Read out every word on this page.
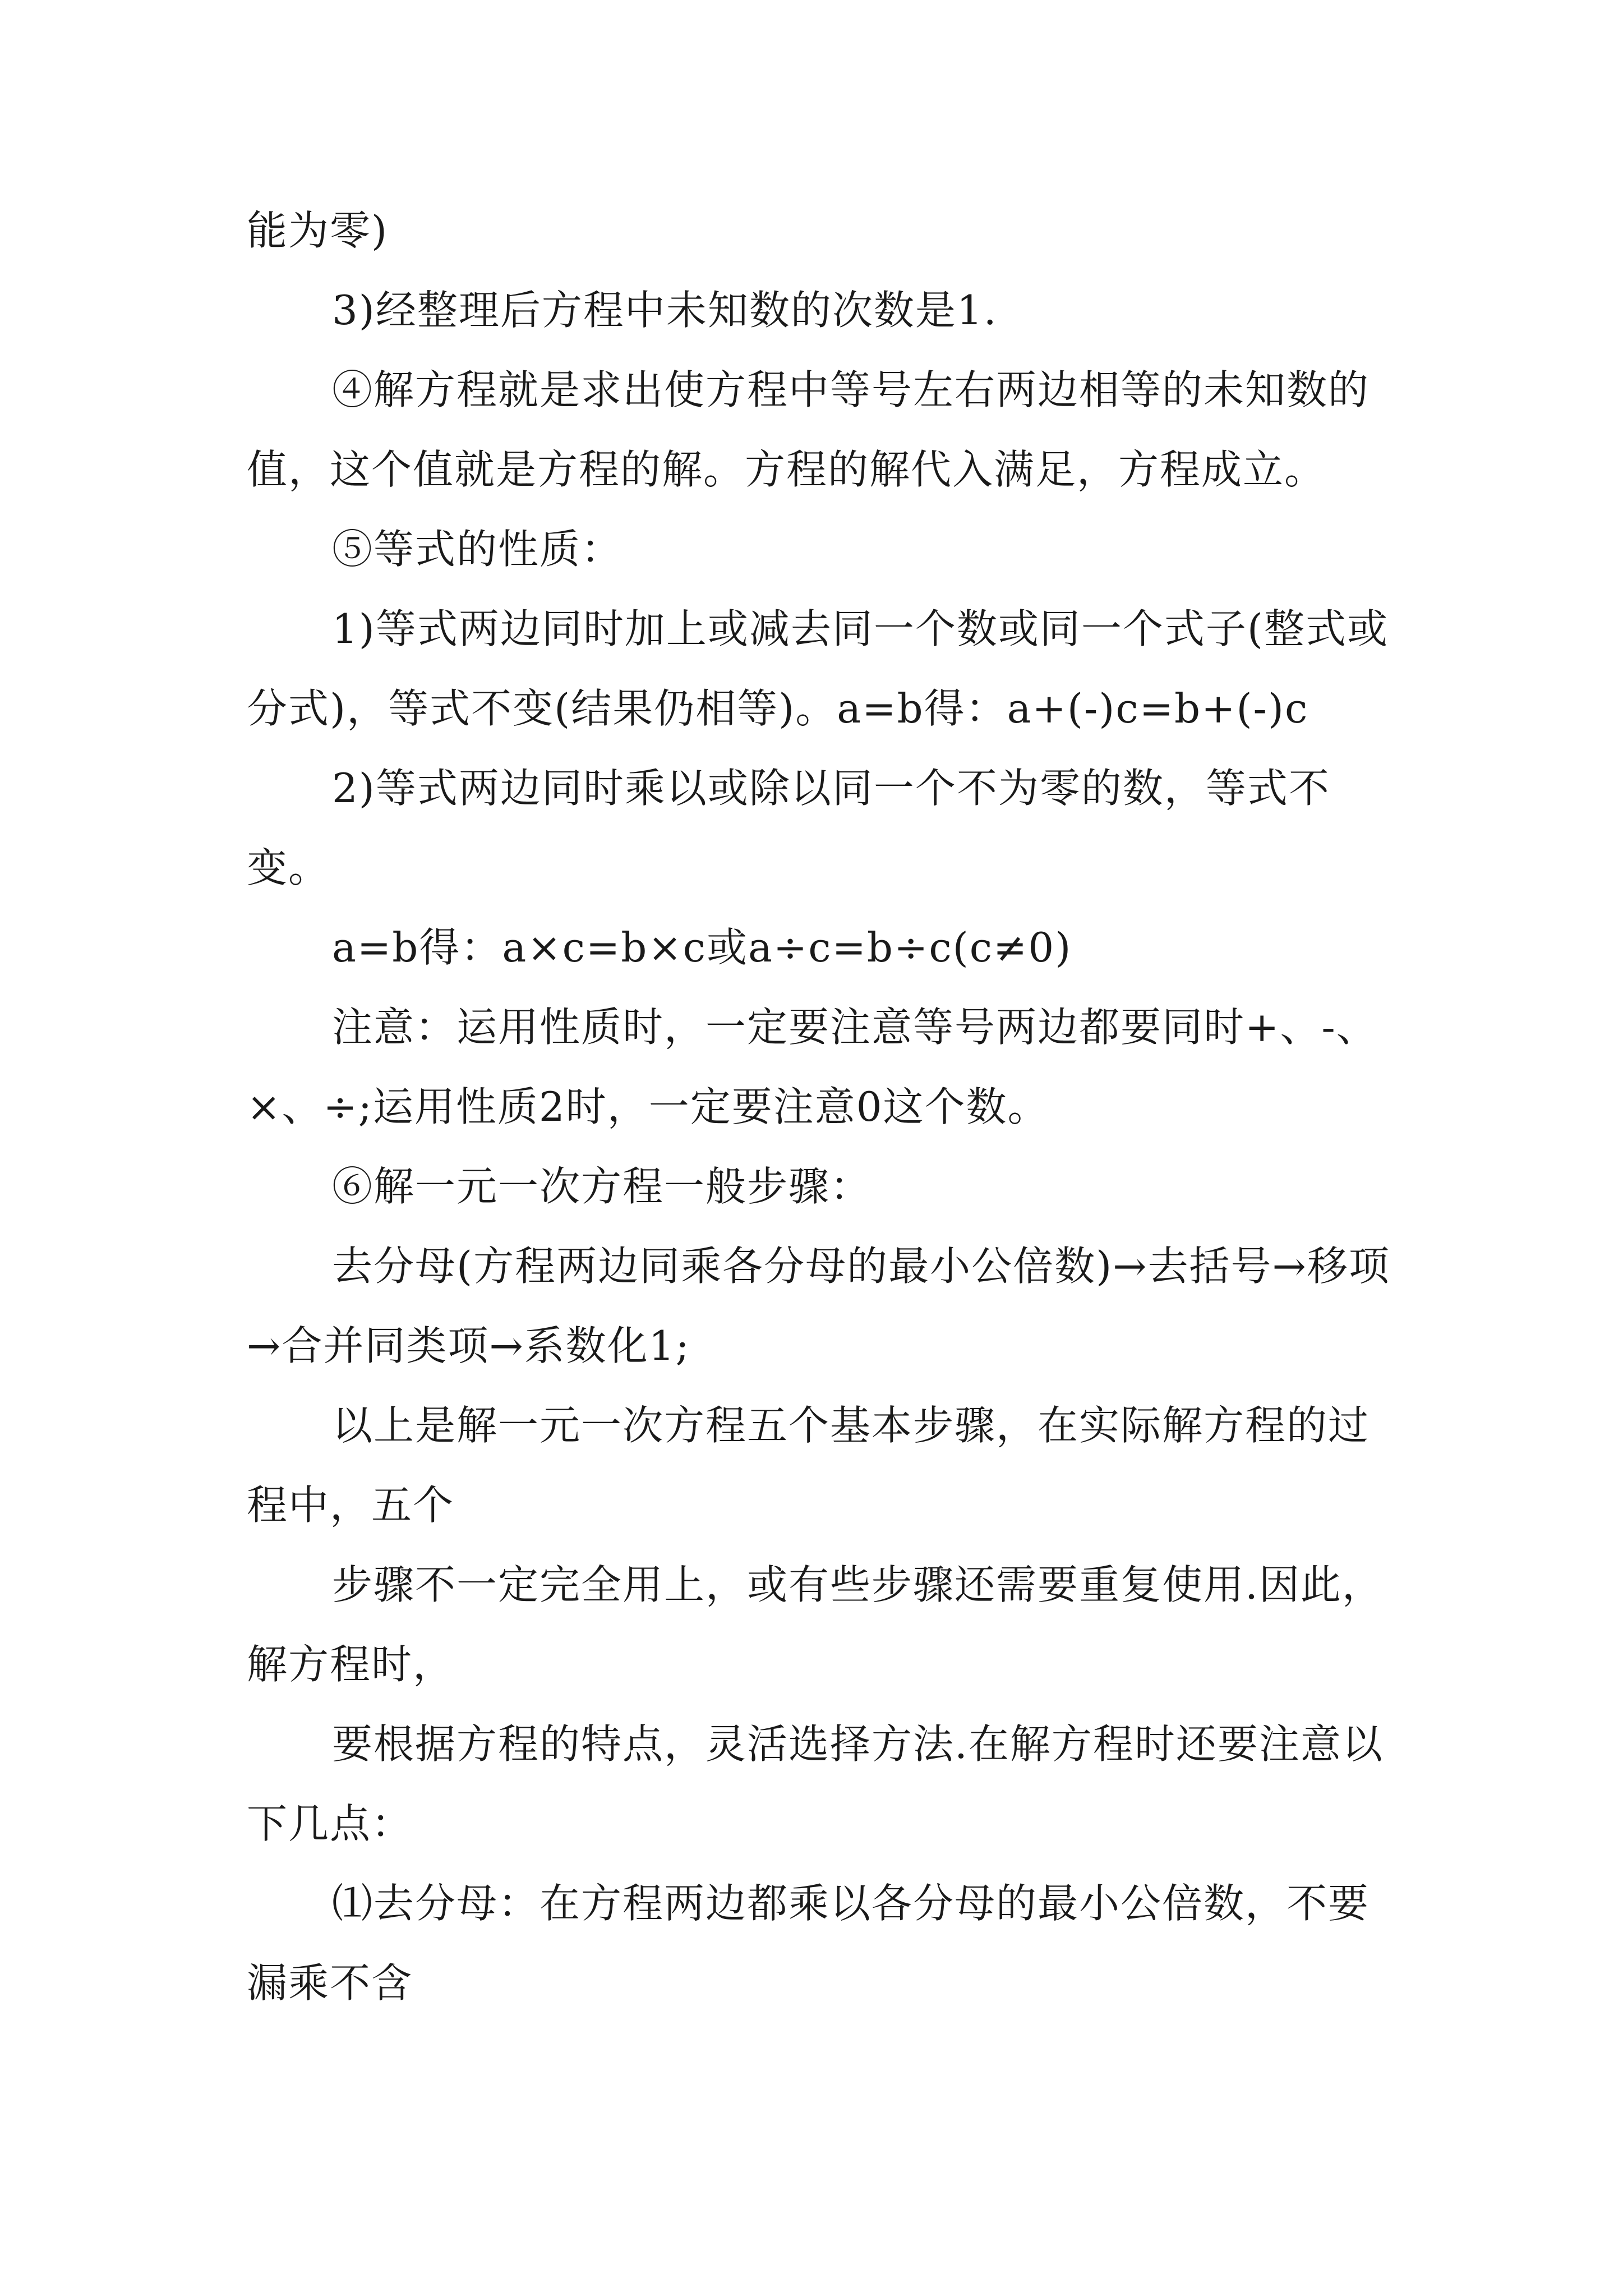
能为零)

3)经整理后方程中未知数的次数是1.

④解方程就是求出使方程中等号左右两边相等的未知数的值，这个值就是方程的解。方程的解代入满足，方程成立。

⑤等式的性质：

1)等式两边同时加上或减去同一个数或同一个式子(整式或分式)，等式不变(结果仍相等)。a=b得：a+(-)c=b+(-)c

2)等式两边同时乘以或除以同一个不为零的数，等式不变。

a=b得：a×c=b×c或a÷c=b÷c(c≠0)

注意：运用性质时，一定要注意等号两边都要同时+、-、×、÷;运用性质2时，一定要注意0这个数。

⑥解一元一次方程一般步骤：

去分母(方程两边同乘各分母的最小公倍数)→去括号→移项→合并同类项→系数化1;

以上是解一元一次方程五个基本步骤，在实际解方程的过程中，五个

步骤不一定完全用上，或有些步骤还需要重复使用.因此，解方程时，

要根据方程的特点，灵活选择方法.在解方程时还要注意以下几点：

⑴去分母：在方程两边都乘以各分母的最小公倍数，不要漏乘不含
